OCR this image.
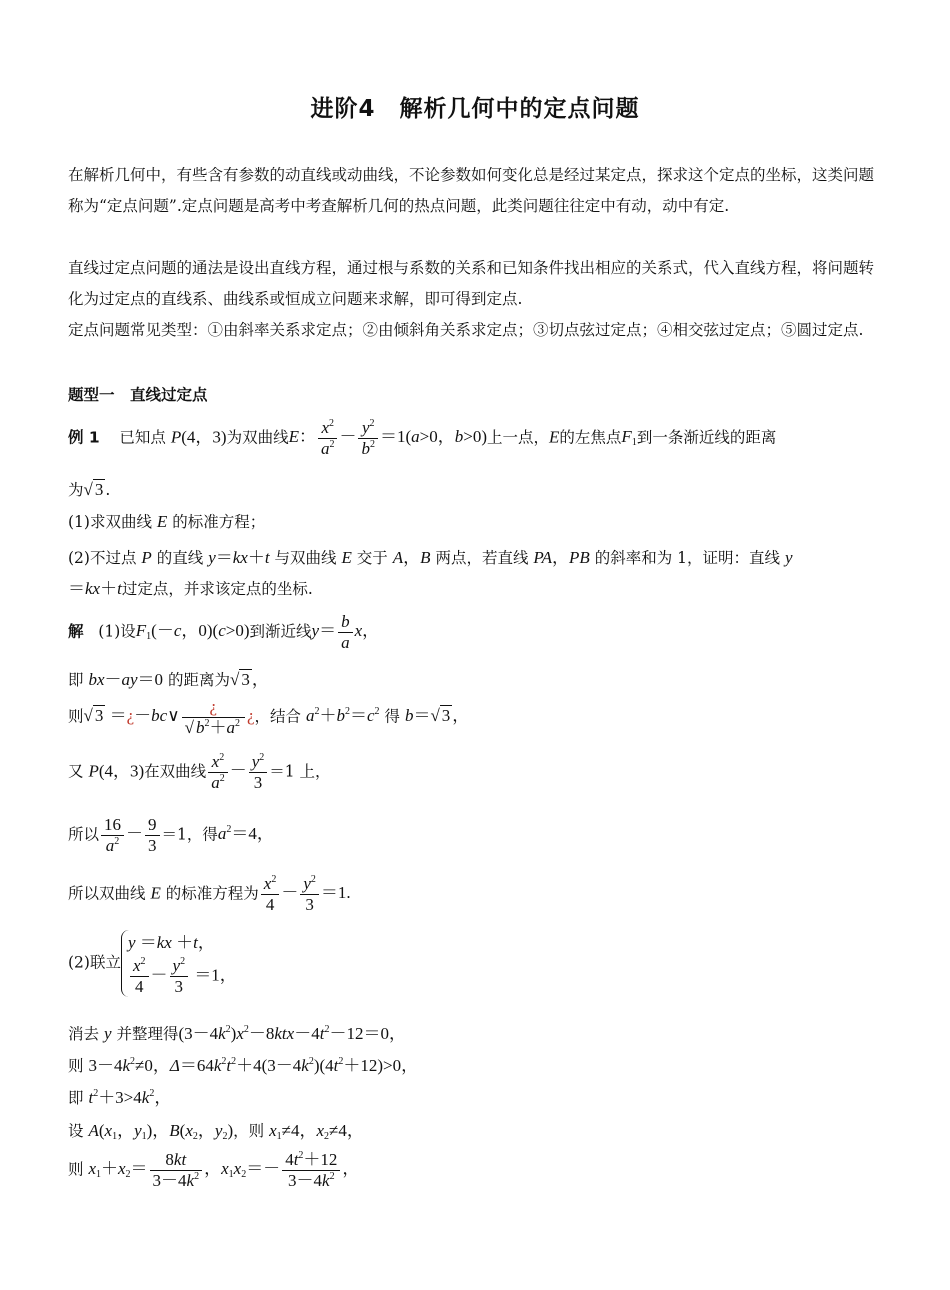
进阶4　解析几何中的定点问题
在解析几何中，有些含有参数的动直线或动曲线，不论参数如何变化总是经过某定点，探求这个定点的坐标，这类问题称为“定点问题”.定点问题是高考中考查解析几何的热点问题，此类问题往往定中有动，动中有定.
直线过定点问题的通法是设出直线方程，通过根与系数的关系和已知条件找出相应的关系式，代入直线方程，将问题转化为过定点的直线系、曲线系或恒成立问题来求解，即可得到定点.
定点问题常见类型：①由斜率关系求定点；②由倾斜角关系求定点；③切点弦过定点；④相交弦过定点；⑤圆过定点.
题型一　直线过定点
例 1 已知点 P(4，3)为双曲线E： $\frac{x^2}{a^2} - \frac{y^2}{b^2} =1(a>0$，b>0)上一点，E的左焦点$F_1$到一条渐近线的距离
为√ 3 .
(1)求双曲线 E 的标准方程；
(2)不过点 P 的直线 y＝kx＋t 与双曲线 E 交于 A，B 两点，若直线 PA，PB 的斜率和为 1，证明：直线 y
＝kx＋t过定点，并求该定点的坐标.
解 (1)设$F_1(-c$，0)(c>0)到渐近线$y= \frac{b}{a}$ x，
即 bx－ay＝0 的距离为√ 3 ，
则√ 3 ＝¿－bc∨ $\frac{¿}{√ b^2+a^2}$ ¿，结合 $a^2+b^2=c^2$ 得 b＝√ 3 ，
又 P(4，3)在双曲线 $\frac{x^2}{a^2} - \frac{y^2}{3} =1$ 上，
所以 $\frac{16}{a^2} - \frac{9}{3} =1$，得$a^2=4$，
所以双曲线 E 的标准方程为 $\frac{x^2}{4} - \frac{y^2}{3} =1$.
(2)联立
y ＝kx ＋t，
$\frac{x^2}{4} - \frac{y^2}{3} =1$，
消去 y 并整理得$(3-4k^2)x^2-8ktx-4t^2-12=0$，
则 $3-4k^2\ne 0$，$\Delta=64k^2t^2+4(3-4k^2)(4t^2+12)>0$，
即 $t^2+3>4k^2$，
设 $A(x_1$，$y_1$)，$B(x_2$，$y_2$)，则 $x_1\ne 4$，$x_2\ne 4$，
则 $x_1+x_2= \frac{8kt}{3-4k^2}$ ，$x_1x_2=- \frac{4t^2+12}{3-4k^2}$ ，
